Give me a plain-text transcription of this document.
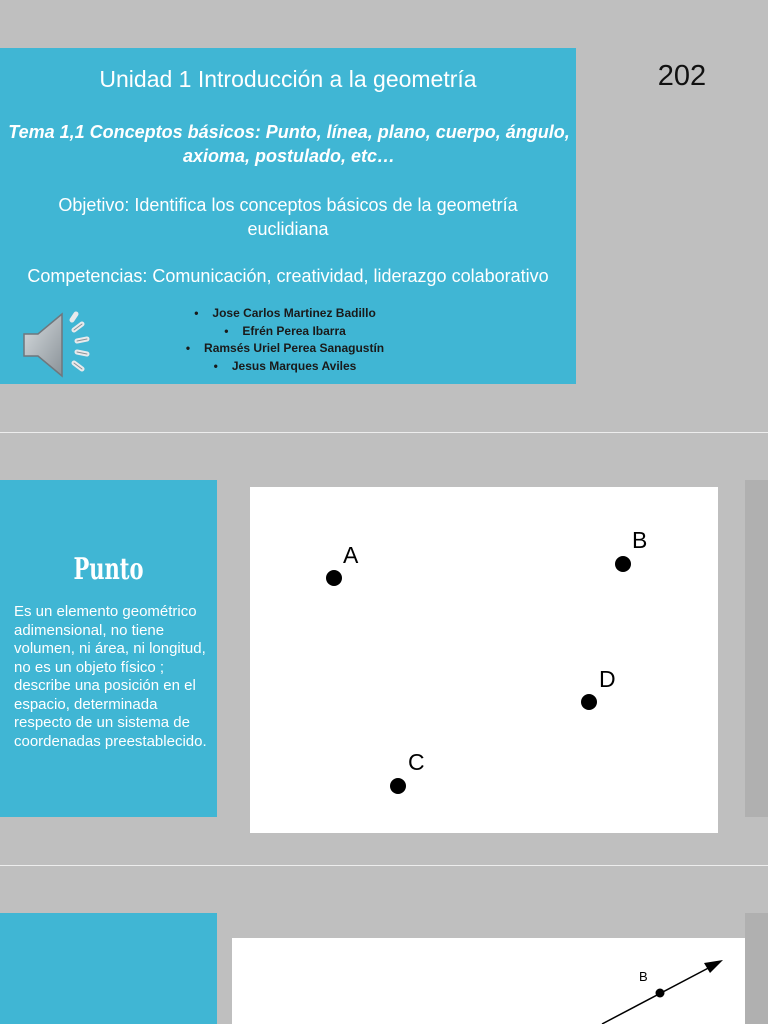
Unidad 1 Introducción a la geometría
Tema 1,1 Conceptos básicos: Punto, línea, plano, cuerpo, ángulo, axioma, postulado, etc…
Objetivo: Identifica los conceptos básicos de la geometría euclidiana
Competencias: Comunicación, creatividad, liderazgo colaborativo
• Jose Carlos Martinez Badillo
• Efrén Perea Ibarra
• Ramsés Uriel Perea Sanagustín
• Jesus Marques Aviles
202
Punto
Es un elemento geométrico adimensional, no tiene volumen, ni área, ni longitud, no es un objeto físico ; describe una posición en el espacio, determinada respecto de un sistema de coordenadas preestablecido.
A
B
D
C
B
